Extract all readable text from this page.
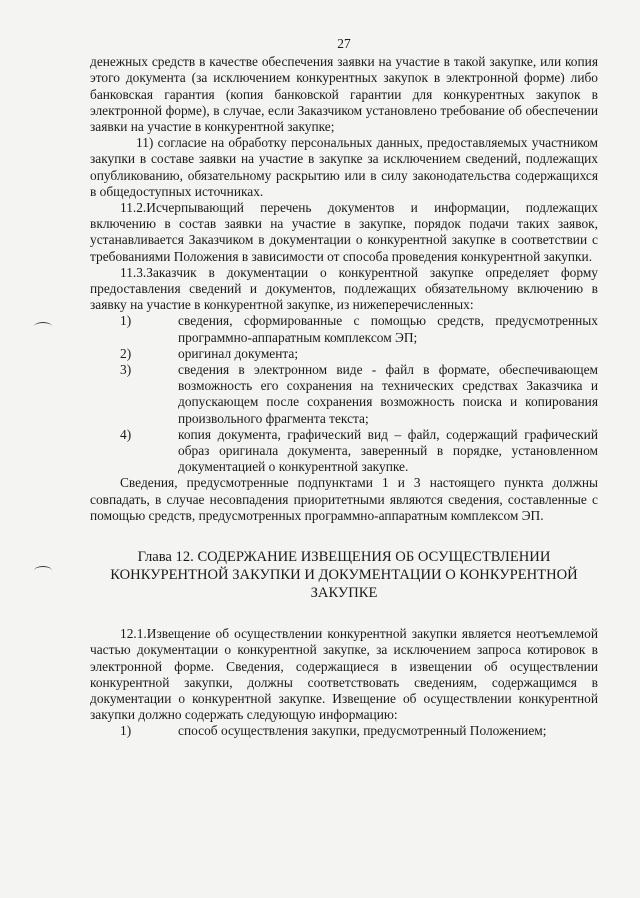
27

денежных средств в качестве обеспечения заявки на участие в такой закупке, или копия этого документа (за исключением конкурентных закупок в электронной форме) либо банковская гарантия (копия банковской гарантии для конкурентных закупок в электронной форме), в случае, если Заказчиком установлено требование об обеспечении заявки на участие в конкурентной закупке;

11) согласие на обработку персональных данных, предоставляемых участником закупки в составе заявки на участие в закупке за исключением сведений, подлежащих опубликованию, обязательному раскрытию или в силу законодательства содержащихся в общедоступных источниках.

11.2.Исчерпывающий перечень документов и информации, подлежащих включению в состав заявки на участие в закупке, порядок подачи таких заявок, устанавливается Заказчиком в документации о конкурентной закупке в соответствии с требованиями Положения в зависимости от способа проведения конкурентной закупки.

11.3.Заказчик в документации о конкурентной закупке определяет форму предоставления сведений и документов, подлежащих обязательному включению в заявку на участие в конкурентной закупке, из нижеперечисленных:

1)	сведения, сформированные с помощью средств, предусмотренных программно-аппаратным комплексом ЭП;
2)	оригинал документа;
3)	сведения в электронном виде - файл в формате, обеспечивающем возможность его сохранения на технических средствах Заказчика и допускающем после сохранения возможность поиска и копирования произвольного фрагмента текста;
4)	копия документа, графический вид – файл, содержащий графический образ оригинала документа, заверенный в порядке, установленном документацией о конкурентной закупке.

Сведения, предусмотренные подпунктами 1 и 3 настоящего пункта должны совпадать, в случае несовпадения приоритетными являются сведения, составленные с помощью средств, предусмотренных программно-аппаратным комплексом ЭП.

Глава 12. СОДЕРЖАНИЕ ИЗВЕЩЕНИЯ ОБ ОСУЩЕСТВЛЕНИИ КОНКУРЕНТНОЙ ЗАКУПКИ И ДОКУМЕНТАЦИИ О КОНКУРЕНТНОЙ ЗАКУПКЕ

12.1.Извещение об осуществлении конкурентной закупки является неотъемлемой частью документации о конкурентной закупке, за исключением запроса котировок в электронной форме. Сведения, содержащиеся в извещении об осуществлении конкурентной закупки, должны соответствовать сведениям, содержащимся в документации о конкурентной закупке. Извещение об осуществлении конкурентной закупки должно содержать следующую информацию:

1)	способ осуществления закупки, предусмотренный Положением;
